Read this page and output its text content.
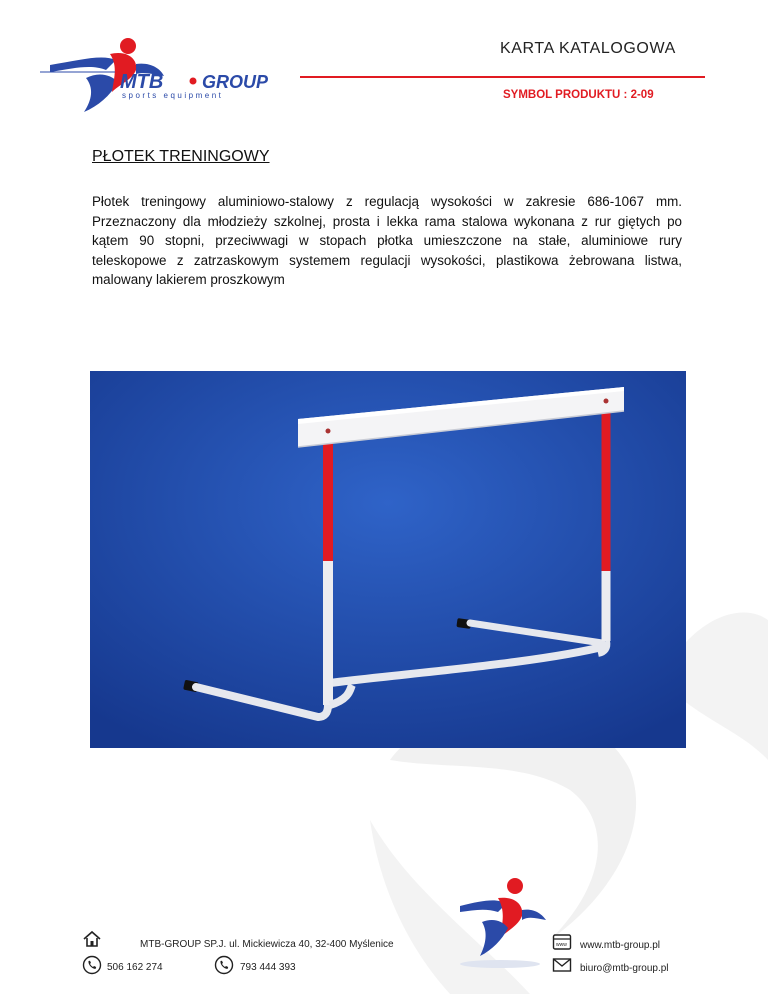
MTB GROUP
sports equipment
KARTA KATALOGOWA
SYMBOL PRODUKTU : 2-09
PŁOTEK TRENINGOWY
Płotek treningowy aluminiowo-stalowy z regulacją wysokości w zakresie 686-1067 mm. Przeznaczony dla młodzieży szkolnej, prosta i lekka rama stalowa wykonana z rur giętych po kątem 90 stopni, przeciwwagi w stopach płotka umieszczone na stałe, aluminiowe rury teleskopowe z zatrzaskowym systemem regulacji wysokości, plastikowa żebrowana listwa, malowany lakierem proszkowym
MTB-GROUP SP.J. ul. Mickiewicza 40, 32-400 Myślenice
506 162 274	793 444 393
www www.mtb-group.pl
biuro@mtb-group.pl
